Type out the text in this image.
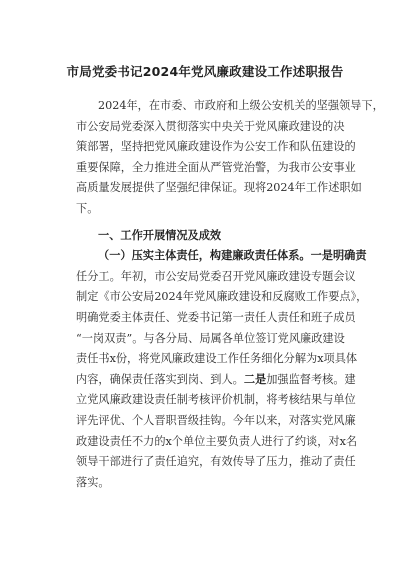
市局党委书记2024年党风廉政建设工作述职报告
2024年，在市委、市政府和上级公安机关的坚强领导下，
市公安局党委深入贯彻落实中央关于党风廉政建设的决
策部署，坚持把党风廉政建设作为公安工作和队伍建设的
重要保障，全力推进全面从严管党治警，为我市公安事业
高质量发展提供了坚强纪律保证。现将2024年工作述职如
下。
一、工作开展情况及成效
（一）压实主体责任，构建廉政责任体系。一是明确责
任分工。年初，市公安局党委召开党风廉政建设专题会议
制定《市公安局2024年党风廉政建设和反腐败工作要点》，
明确党委主体责任、党委书记第一责任人责任和班子成员
“一岗双责”。与各分局、局属各单位签订党风廉政建设
责任书x份，将党风廉政建设工作任务细化分解为x项具体
内容，确保责任落实到岗、到人。二是加强监督考核。建
立党风廉政建设责任制考核评价机制，将考核结果与单位
评先评优、个人晋职晋级挂钩。今年以来，对落实党风廉
政建设责任不力的x个单位主要负责人进行了约谈，对x名
领导干部进行了责任追究，有效传导了压力，推动了责任
落实。
